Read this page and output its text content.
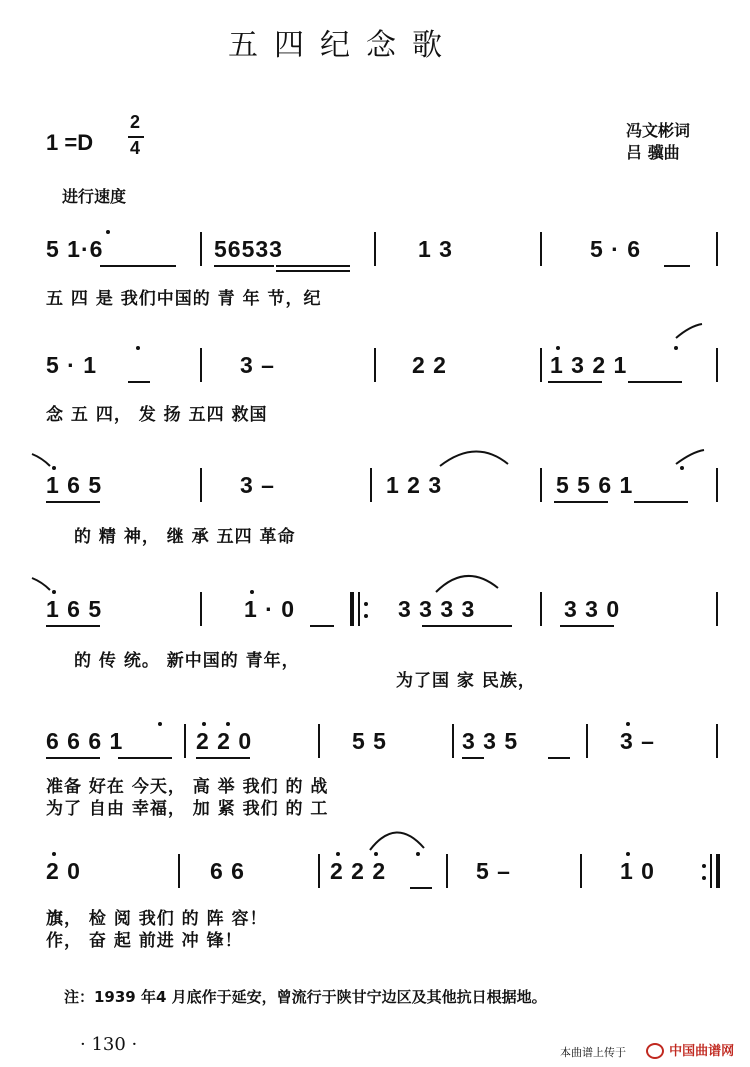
五四纪念歌
1 =D
2
4
冯文彬词
吕 骥曲
进行速度
5 1·6	56533	1 3	5 · 6
五 四 是 我们中国的 青 年 节，纪
5 · 1	3 –	2 2	1 3 2 1
念 五 四， 发 扬 五四 救国
1 6 5	3 –	1 2 3	5 5 6 1
的 精 神， 继 承 五四 革命
1 6 5	1 · 0	3 3 3 3	3 3 0
的 传 统。 新中国的 青年，
为了国 家 民族，
6 6 6 1	2 2 0	5 5	3 3 5	3 –
准备 好在 今天， 高 举 我们 的 战
为了 自由 幸福， 加 紧 我们 的 工
2 0	6 6	2 2 2	5 –	1 0
旗， 检 阅 我们 的 阵 容！
作， 奋 起 前进 冲 锋！
注：1939 年4 月底作于延安，曾流行于陕甘宁边区及其他抗日根据地。
· 130 ·	本曲谱上传于	中国曲谱网
